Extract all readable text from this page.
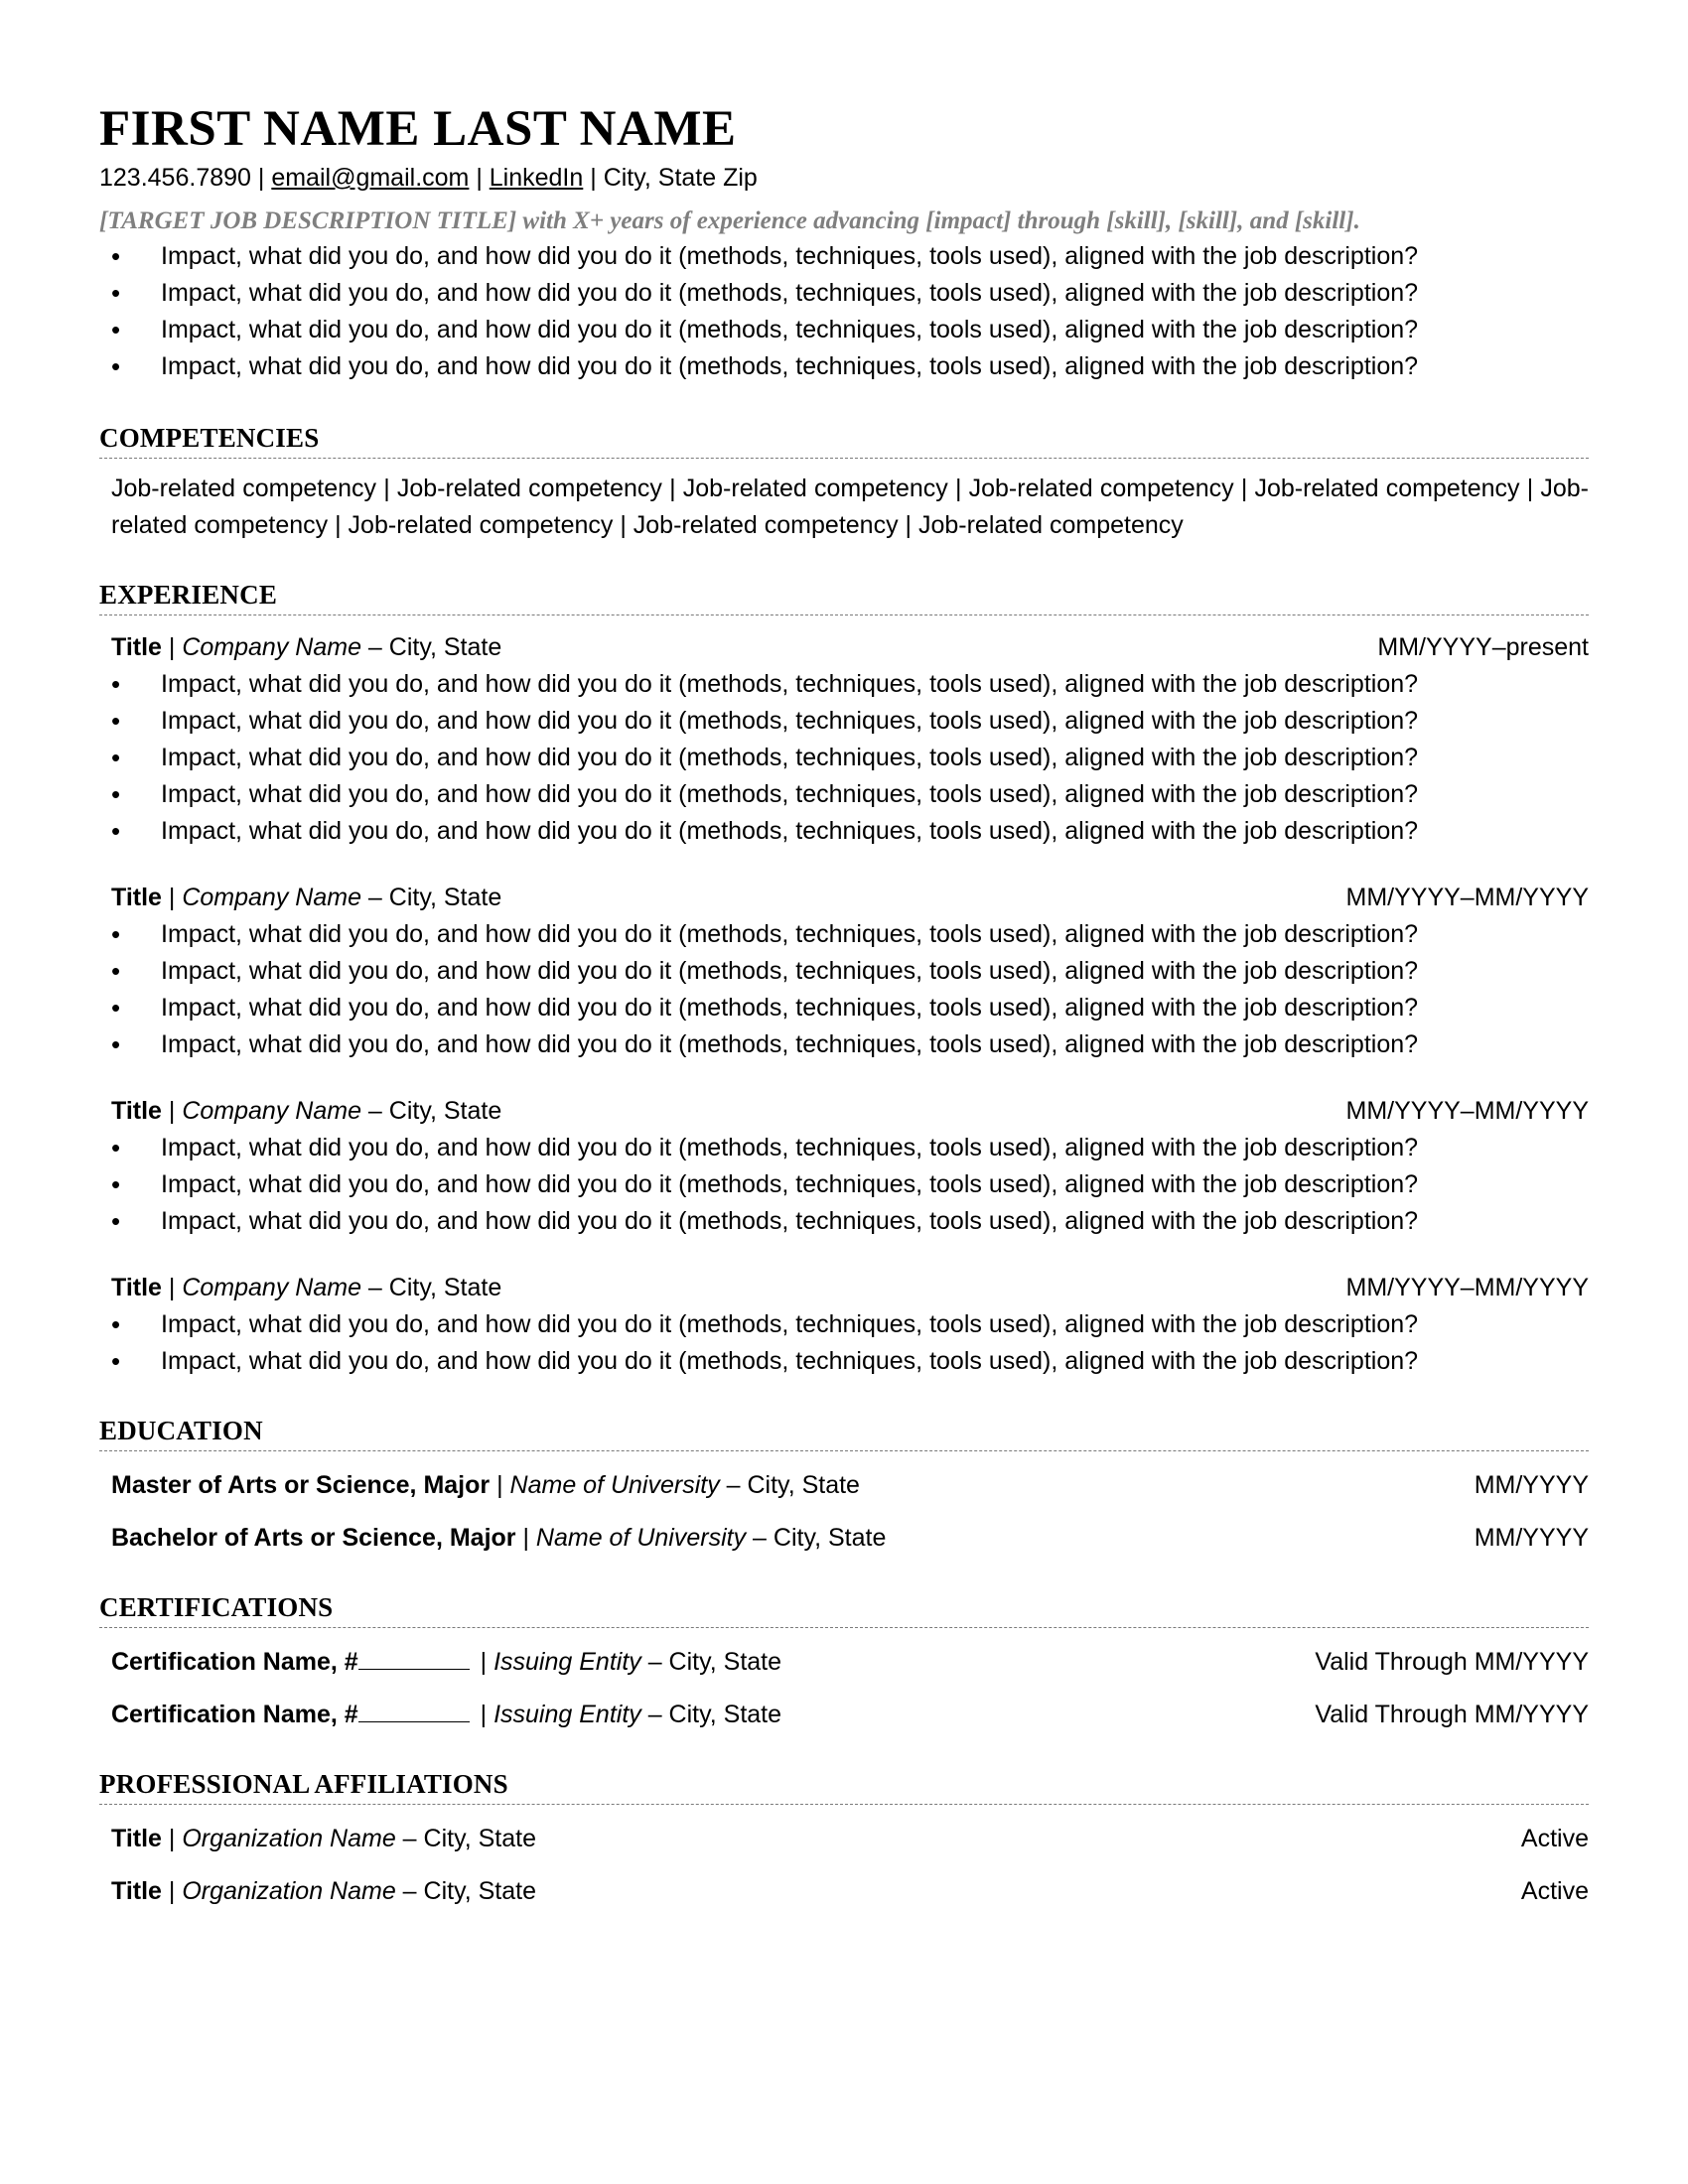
FIRST NAME LAST NAME
123.456.7890 | email@gmail.com | LinkedIn | City, State Zip
[TARGET JOB DESCRIPTION TITLE] with X+ years of experience advancing [impact] through [skill], [skill], and [skill].
• Impact, what did you do, and how did you do it (methods, techniques, tools used), aligned with the job description?
• Impact, what did you do, and how did you do it (methods, techniques, tools used), aligned with the job description?
• Impact, what did you do, and how did you do it (methods, techniques, tools used), aligned with the job description?
• Impact, what did you do, and how did you do it (methods, techniques, tools used), aligned with the job description?
COMPETENCIES
Job-related competency | Job-related competency | Job-related competency | Job-related competency | Job-related competency | Job-related competency | Job-related competency | Job-related competency | Job-related competency
EXPERIENCE
Title | Company Name – City, State	MM/YYYY–present
• Impact, what did you do, and how did you do it (methods, techniques, tools used), aligned with the job description?
• Impact, what did you do, and how did you do it (methods, techniques, tools used), aligned with the job description?
• Impact, what did you do, and how did you do it (methods, techniques, tools used), aligned with the job description?
• Impact, what did you do, and how did you do it (methods, techniques, tools used), aligned with the job description?
• Impact, what did you do, and how did you do it (methods, techniques, tools used), aligned with the job description?
Title | Company Name – City, State	MM/YYYY–MM/YYYY
• Impact, what did you do, and how did you do it (methods, techniques, tools used), aligned with the job description?
• Impact, what did you do, and how did you do it (methods, techniques, tools used), aligned with the job description?
• Impact, what did you do, and how did you do it (methods, techniques, tools used), aligned with the job description?
• Impact, what did you do, and how did you do it (methods, techniques, tools used), aligned with the job description?
Title | Company Name – City, State	MM/YYYY–MM/YYYY
• Impact, what did you do, and how did you do it (methods, techniques, tools used), aligned with the job description?
• Impact, what did you do, and how did you do it (methods, techniques, tools used), aligned with the job description?
• Impact, what did you do, and how did you do it (methods, techniques, tools used), aligned with the job description?
Title | Company Name – City, State	MM/YYYY–MM/YYYY
• Impact, what did you do, and how did you do it (methods, techniques, tools used), aligned with the job description?
• Impact, what did you do, and how did you do it (methods, techniques, tools used), aligned with the job description?
EDUCATION
Master of Arts or Science, Major | Name of University – City, State	MM/YYYY
Bachelor of Arts or Science, Major | Name of University – City, State	MM/YYYY
CERTIFICATIONS
Certification Name, #	| Issuing Entity – City, State	Valid Through MM/YYYY
Certification Name, #	| Issuing Entity – City, State	Valid Through MM/YYYY
PROFESSIONAL AFFILIATIONS
Title | Organization Name – City, State	Active
Title | Organization Name – City, State	Active
